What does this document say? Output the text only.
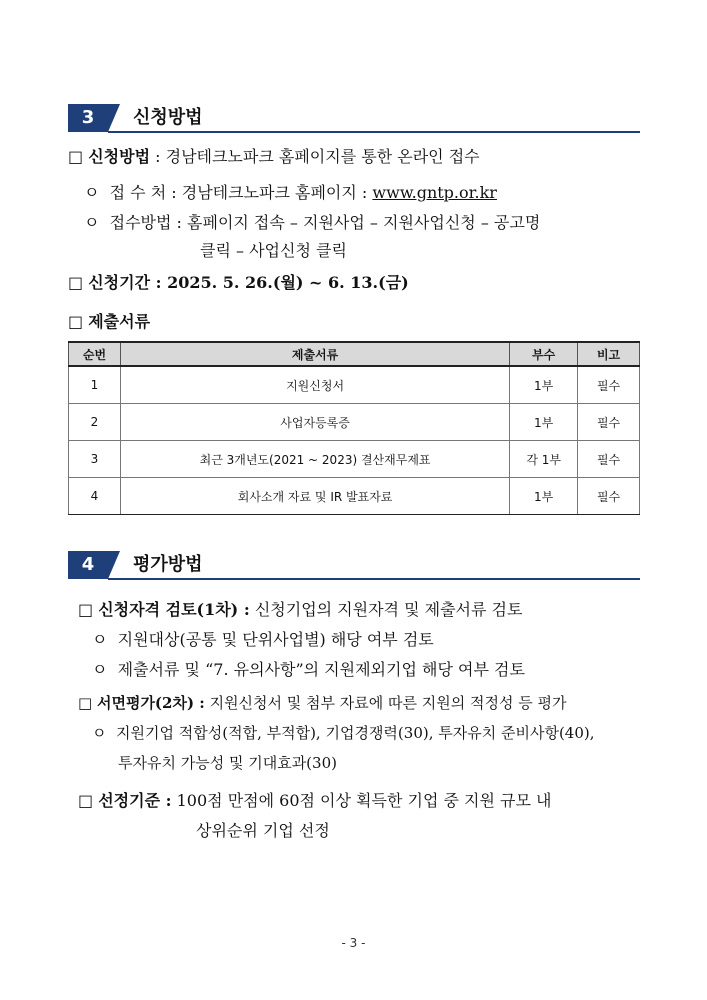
3	신청방법
□ 신청방법 : 경남테크노파크 홈페이지를 통한 온라인 접수
ㅇ 접 수 처 : 경남테크노파크 홈페이지 : www.gntp.or.kr
ㅇ 접수방법 : 홈페이지 접속 – 지원사업 – 지원사업신청 – 공고명
클릭 – 사업신청 클릭
□ 신청기간 : 2025. 5. 26.(월) ~ 6. 13.(금)
□ 제출서류
순번	제출서류	부수	비고
1	지원신청서	1부	필수
2	사업자등록증	1부	필수
3	최근 3개년도(2021 ~ 2023) 결산재무제표	각 1부	필수
4	회사소개 자료 및 IR 발표자료	1부	필수
4	평가방법
□ 신청자격 검토(1차) : 신청기업의 지원자격 및 제출서류 검토
ㅇ 지원대상(공통 및 단위사업별) 해당 여부 검토
ㅇ 제출서류 및 “7. 유의사항”의 지원제외기업 해당 여부 검토
□ 서면평가(2차) : 지원신청서 및 첨부 자료에 따른 지원의 적정성 등 평가
ㅇ 지원기업 적합성(적합, 부적합), 기업경쟁력(30), 투자유치 준비사항(40),
투자유치 가능성 및 기대효과(30)
□ 선정기준 : 100점 만점에 60점 이상 획득한 기업 중 지원 규모 내
상위순위 기업 선정
- 3 -
